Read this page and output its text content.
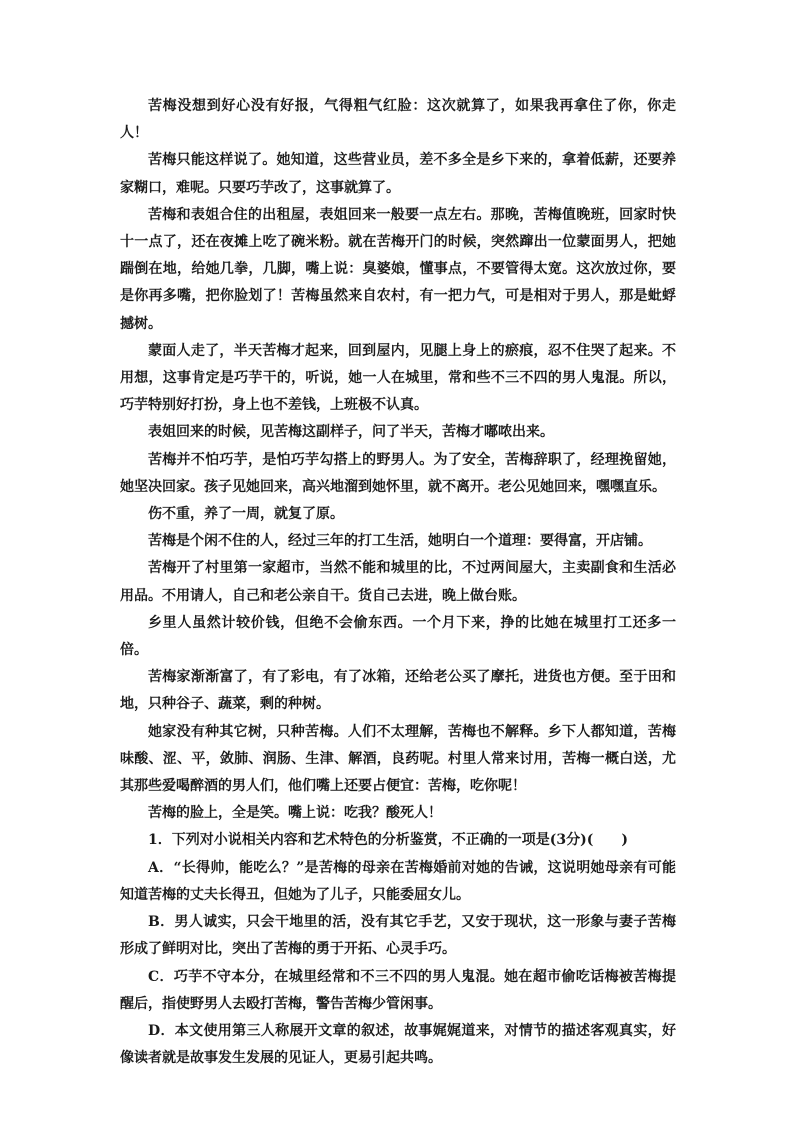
苦梅没想到好心没有好报，气得粗气红脸：这次就算了，如果我再拿住了你，你走人！

苦梅只能这样说了。她知道，这些营业员，差不多全是乡下来的，拿着低薪，还要养家糊口，难呢。只要巧芋改了，这事就算了。

苦梅和表姐合住的出租屋，表姐回来一般要一点左右。那晚，苦梅值晚班，回家时快十一点了，还在夜摊上吃了碗米粉。就在苦梅开门的时候，突然蹿出一位蒙面男人，把她踹倒在地，给她几拳，几脚，嘴上说：臭婆娘，懂事点，不要管得太宽。这次放过你，要是你再多嘴，把你脸划了！苦梅虽然来自农村，有一把力气，可是相对于男人，那是蚍蜉撼树。

蒙面人走了，半天苦梅才起来，回到屋内，见腿上身上的瘀痕，忍不住哭了起来。不用想，这事肯定是巧芋干的，听说，她一人在城里，常和些不三不四的男人鬼混。所以，巧芋特别好打扮，身上也不差钱，上班极不认真。

表姐回来的时候，见苦梅这副样子，问了半天，苦梅才嘟哝出来。

苦梅并不怕巧芋，是怕巧芋勾搭上的野男人。为了安全，苦梅辞职了，经理挽留她，她坚决回家。孩子见她回来，高兴地溜到她怀里，就不离开。老公见她回来，嘿嘿直乐。

伤不重，养了一周，就复了原。

苦梅是个闲不住的人，经过三年的打工生活，她明白一个道理：要得富，开店铺。

苦梅开了村里第一家超市，当然不能和城里的比，不过两间屋大，主卖副食和生活必用品。不用请人，自己和老公亲自干。货自己去进，晚上做台账。

乡里人虽然计较价钱，但绝不会偷东西。一个月下来，挣的比她在城里打工还多一倍。

苦梅家渐渐富了，有了彩电，有了冰箱，还给老公买了摩托，进货也方便。至于田和地，只种谷子、蔬菜，剩的种树。

她家没有种其它树，只种苦梅。人们不太理解，苦梅也不解释。乡下人都知道，苦梅味酸、涩、平，敛肺、润肠、生津、解酒，良药呢。村里人常来讨用，苦梅一概白送，尤其那些爱喝醉酒的男人们，他们嘴上还要占便宜：苦梅，吃你呢！

苦梅的脸上，全是笑。嘴上说：吃我？酸死人！

1．下列对小说相关内容和艺术特色的分析鉴赏，不正确的一项是(3分)(　　)

A．“长得帅，能吃么？”是苦梅的母亲在苦梅婚前对她的告诫，这说明她母亲有可能知道苦梅的丈夫长得丑，但她为了儿子，只能委屈女儿。

B．男人诚实，只会干地里的活，没有其它手艺，又安于现状，这一形象与妻子苦梅形成了鲜明对比，突出了苦梅的勇于开拓、心灵手巧。

C．巧芋不守本分，在城里经常和不三不四的男人鬼混。她在超市偷吃话梅被苦梅提醒后，指使野男人去殴打苦梅，警告苦梅少管闲事。

D．本文使用第三人称展开文章的叙述，故事娓娓道来，对情节的描述客观真实，好像读者就是故事发生发展的见证人，更易引起共鸣。
